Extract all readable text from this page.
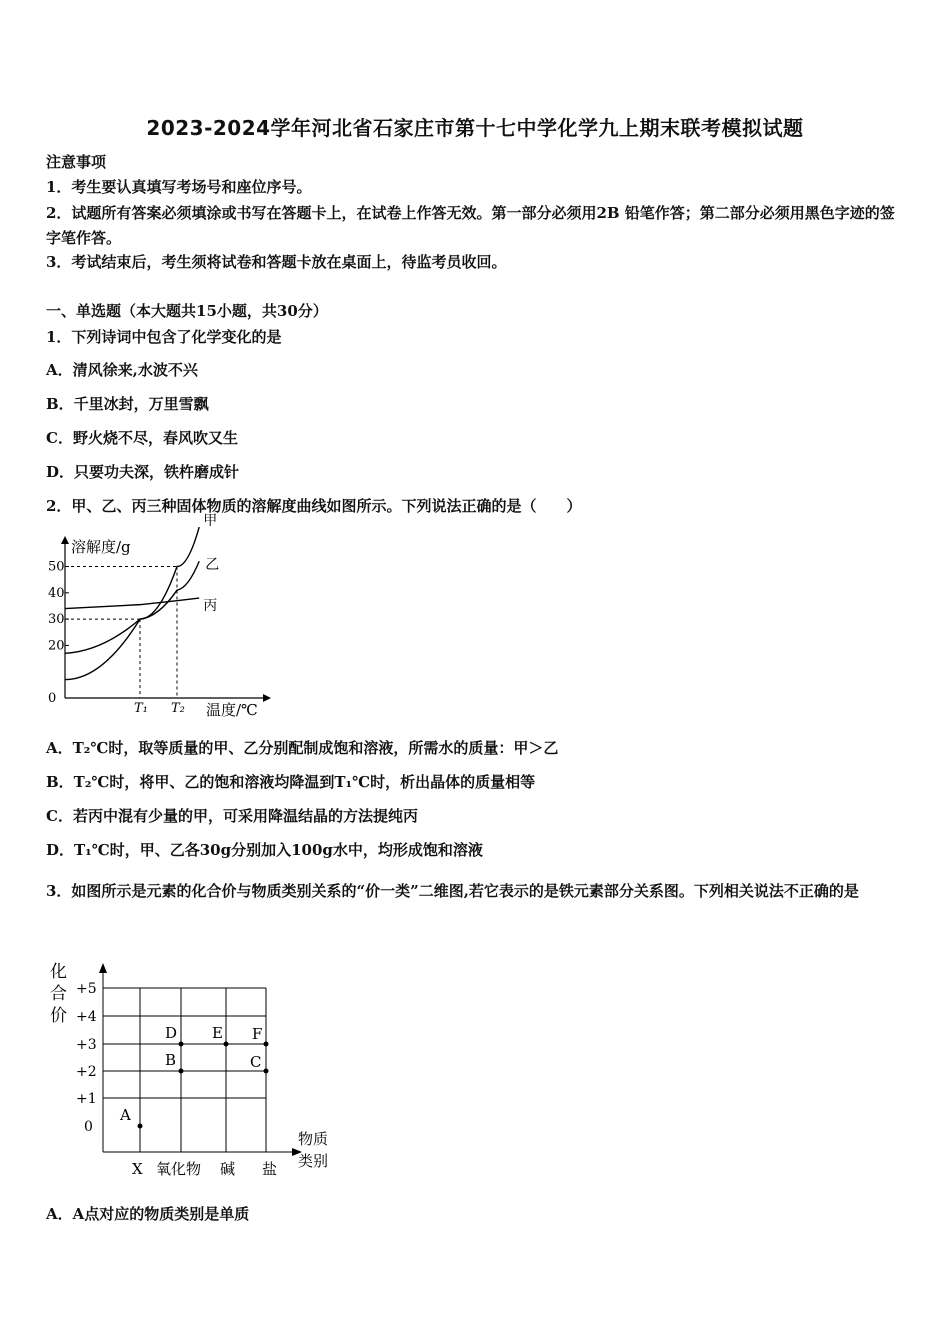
2023-2024学年河北省石家庄市第十七中学化学九上期末联考模拟试题
注意事项
1．考生要认真填写考场号和座位序号。
2．试题所有答案必须填涂或书写在答题卡上，在试卷上作答无效。第一部分必须用2B 铅笔作答；第二部分必须用黑色字迹的签字笔作答。
3．考试结束后，考生须将试卷和答题卡放在桌面上，待监考员收回。
一、单选题（本大题共15小题，共30分）
1．下列诗词中包含了化学变化的是
A．清风徐来,水波不兴
B．千里冰封，万里雪飘
C．野火烧不尽，春风吹又生
D．只要功夫深，铁杵磨成针
2．甲、乙、丙三种固体物质的溶解度曲线如图所示。下列说法正确的是（　　）
0
20
30
40
50
T₁ T₂
甲
乙
丙
溶解度/g
温度/℃
A．T₂℃时，取等质量的甲、乙分别配制成饱和溶液，所需水的质量：甲＞乙
B．T₂℃时，将甲、乙的饱和溶液均降温到T₁℃时，析出晶体的质量相等
C．若丙中混有少量的甲，可采用降温结晶的方法提纯丙
D．T₁℃时，甲、乙各30g分别加入100g水中，均形成饱和溶液
3．如图所示是元素的化合价与物质类别关系的“价一类”二维图,若它表示的是铁元素部分关系图。下列相关说法不正确的是
化
合
价
0
+1
+2
+3
+4
+5
X 氧化物 碱 盐
物质
类别
A
B
D E
C
F
A．A点对应的物质类别是单质
